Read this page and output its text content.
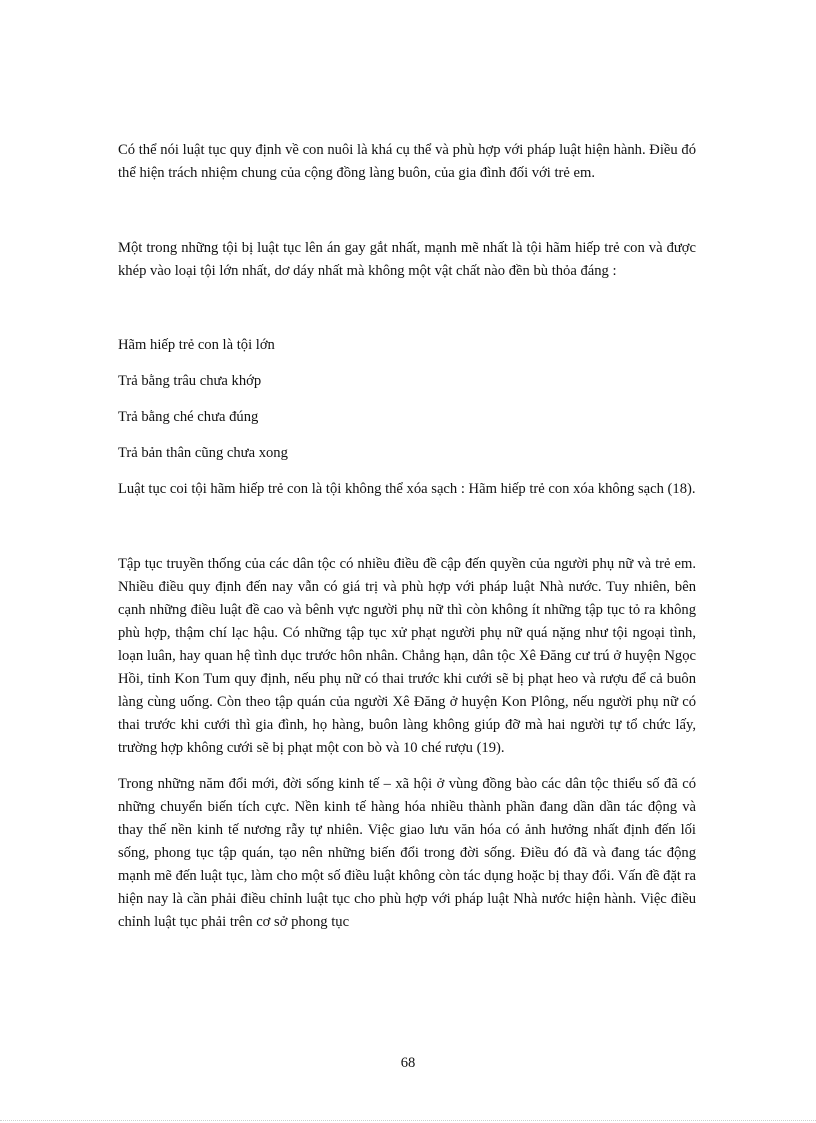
Có thể nói luật tục quy định về con nuôi là khá cụ thể và phù hợp với pháp luật hiện hành. Điều đó thể hiện trách nhiệm chung của cộng đồng làng buôn, của gia đình đối với trẻ em.

Một trong những tội bị luật tục lên án gay gắt nhất, mạnh mẽ nhất là tội hãm hiếp trẻ con và được khép vào loại tội lớn nhất, dơ dáy nhất mà không một vật chất nào đền bù thỏa đáng :

Hãm hiếp trẻ con là tội lớn

Trả bằng trâu chưa khớp

Trả bằng ché chưa đúng

Trả bản thân cũng chưa xong

Luật tục coi tội hãm hiếp trẻ con là tội không thể xóa sạch : Hãm hiếp trẻ con xóa không sạch (18).

Tập tục truyền thống của các dân tộc có nhiều điều đề cập đến quyền của người phụ nữ và trẻ em. Nhiều điều quy định đến nay vẫn có giá trị và phù hợp với pháp luật Nhà nước. Tuy nhiên, bên cạnh những điều luật đề cao và bênh vực người phụ nữ thì còn không ít những tập tục tỏ ra không phù hợp, thậm chí lạc hậu. Có những tập tục xử phạt người phụ nữ quá nặng như tội ngoại tình, loạn luân, hay quan hệ tình dục trước hôn nhân. Chẳng hạn, dân tộc Xê Đăng cư trú ở huyện Ngọc Hồi, tỉnh Kon Tum quy định, nếu phụ nữ có thai trước khi cưới sẽ bị phạt heo và rượu để cả buôn làng cùng uống. Còn theo tập quán của người Xê Đăng ở huyện Kon Plông, nếu người phụ nữ có thai trước khi cưới thì gia đình, họ hàng, buôn làng không giúp đỡ mà hai người tự tổ chức lấy, trường hợp không cưới sẽ bị phạt một con bò và 10 ché rượu (19).

Trong những năm đổi mới, đời sống kinh tế – xã hội ở vùng đồng bào các dân tộc thiểu số đã có những chuyển biến tích cực. Nền kinh tế hàng hóa nhiều thành phần đang dần dần tác động và thay thế nền kinh tế nương rẫy tự nhiên. Việc giao lưu văn hóa có ảnh hưởng nhất định đến lối sống, phong tục tập quán, tạo nên những biến đổi trong đời sống. Điều đó đã và đang tác động mạnh mẽ đến luật tục, làm cho một số điều luật không còn tác dụng hoặc bị thay đổi. Vấn đề đặt ra hiện nay là cần phải điều chỉnh luật tục cho phù hợp với pháp luật Nhà nước hiện hành. Việc điều chỉnh luật tục phải trên cơ sở phong tục

68
